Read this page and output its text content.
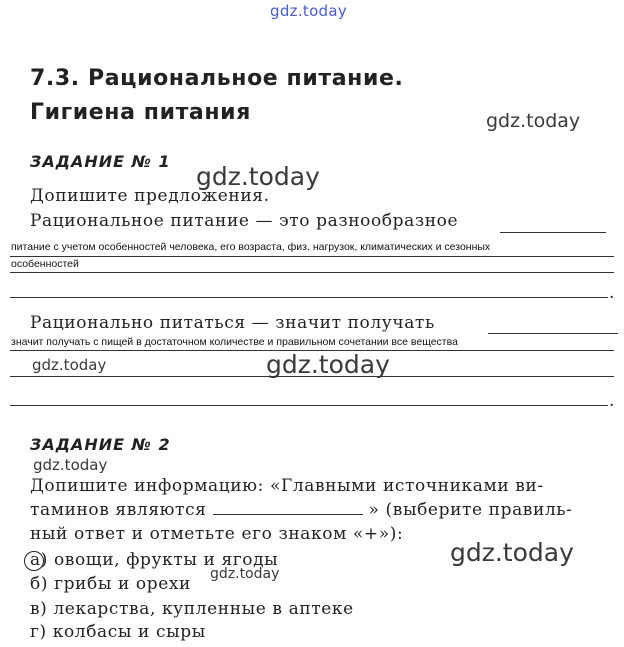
gdz.today
gdz.today
gdz.today
gdz.today	gdz.today
gdz.today
gdz.today
gdz.today
7.3. Рациональное питание.
Гигиена питания
ЗАДАНИЕ № 1
Допишите предложения.
Рациональное питание — это разнообразное
питание с учетом особенностей человека, его возраста, физ. нагрузок, климатических и сезонных
особенностей
.
Рационально питаться — значит получать
значит получать с пищей в достаточном количестве и правильном сочетании все вещества
.
ЗАДАНИЕ № 2
Допишите информацию: «Главными источниками ви-
таминов являются	» (выберите правиль-
ный ответ и отметьте его знаком «+»):
а) овощи, фрукты и ягоды
б) грибы и орехи
в) лекарства, купленные в аптеке
г) колбасы и сыры
